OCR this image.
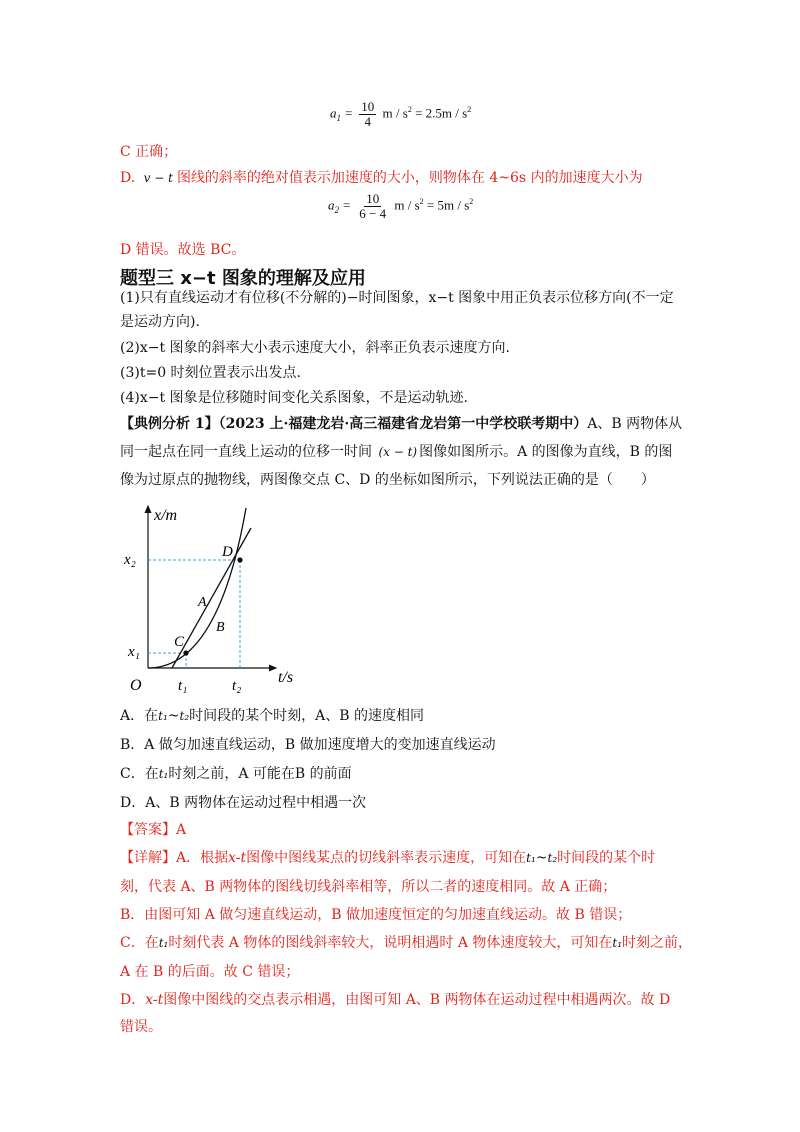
$a_1 = \frac{10}{4}$ $m / s^2 = 2.5m / s^2$
C 正确；
D. v − t 图线的斜率的绝对值表示加速度的大小，则物体在 4~6s 内的加速度大小为
$a_2 = \frac{10}{6 - 4}$ $m / s^2 = 5m / s^2$
D 错误。故选 BC。
题型三 x−t 图象的理解及应用
(1)只有直线运动才有位移(不分解的)−时间图象，x−t 图象中用正负表示位移方向(不一定
是运动方向).
(2)x−t 图象的斜率大小表示速度大小，斜率正负表示速度方向.
(3)t=0 时刻位置表示出发点.
(4)x−t 图象是位移随时间变化关系图象，不是运动轨迹.
【典例分析 1】（2023 上·福建龙岩·高三福建省龙岩第一中学校联考期中）A、B 两物体从
同一起点在同一直线上运动的位移一时间 (x − t) 图像如图所示。A 的图像为直线，B 的图
像为过原点的抛物线，两图像交点 C、D 的坐标如图所示，下列说法正确的是（　　）
x/m
t/s
O
x₁
x₂
t₁	t₂
C
D
A
B
A．在t₁~t₂时间段的某个时刻，A、B 的速度相同
B．A 做匀加速直线运动，B 做加速度增大的变加速直线运动
C．在t₁时刻之前，A 可能在B 的前面
D．A、B 两物体在运动过程中相遇一次
【答案】A
【详解】A．根据x-t图像中图线某点的切线斜率表示速度，可知在t₁~t₂时间段的某个时
刻，代表 A、B 两物体的图线切线斜率相等，所以二者的速度相同。故 A 正确；
B．由图可知 A 做匀速直线运动，B 做加速度恒定的匀加速直线运动。故 B 错误；
C．在t₁时刻代表 A 物体的图线斜率较大，说明相遇时 A 物体速度较大，可知在t₁时刻之前，
A 在 B 的后面。故 C 错误；
D．x-t图像中图线的交点表示相遇，由图可知 A、B 两物体在运动过程中相遇两次。故 D
错误。
